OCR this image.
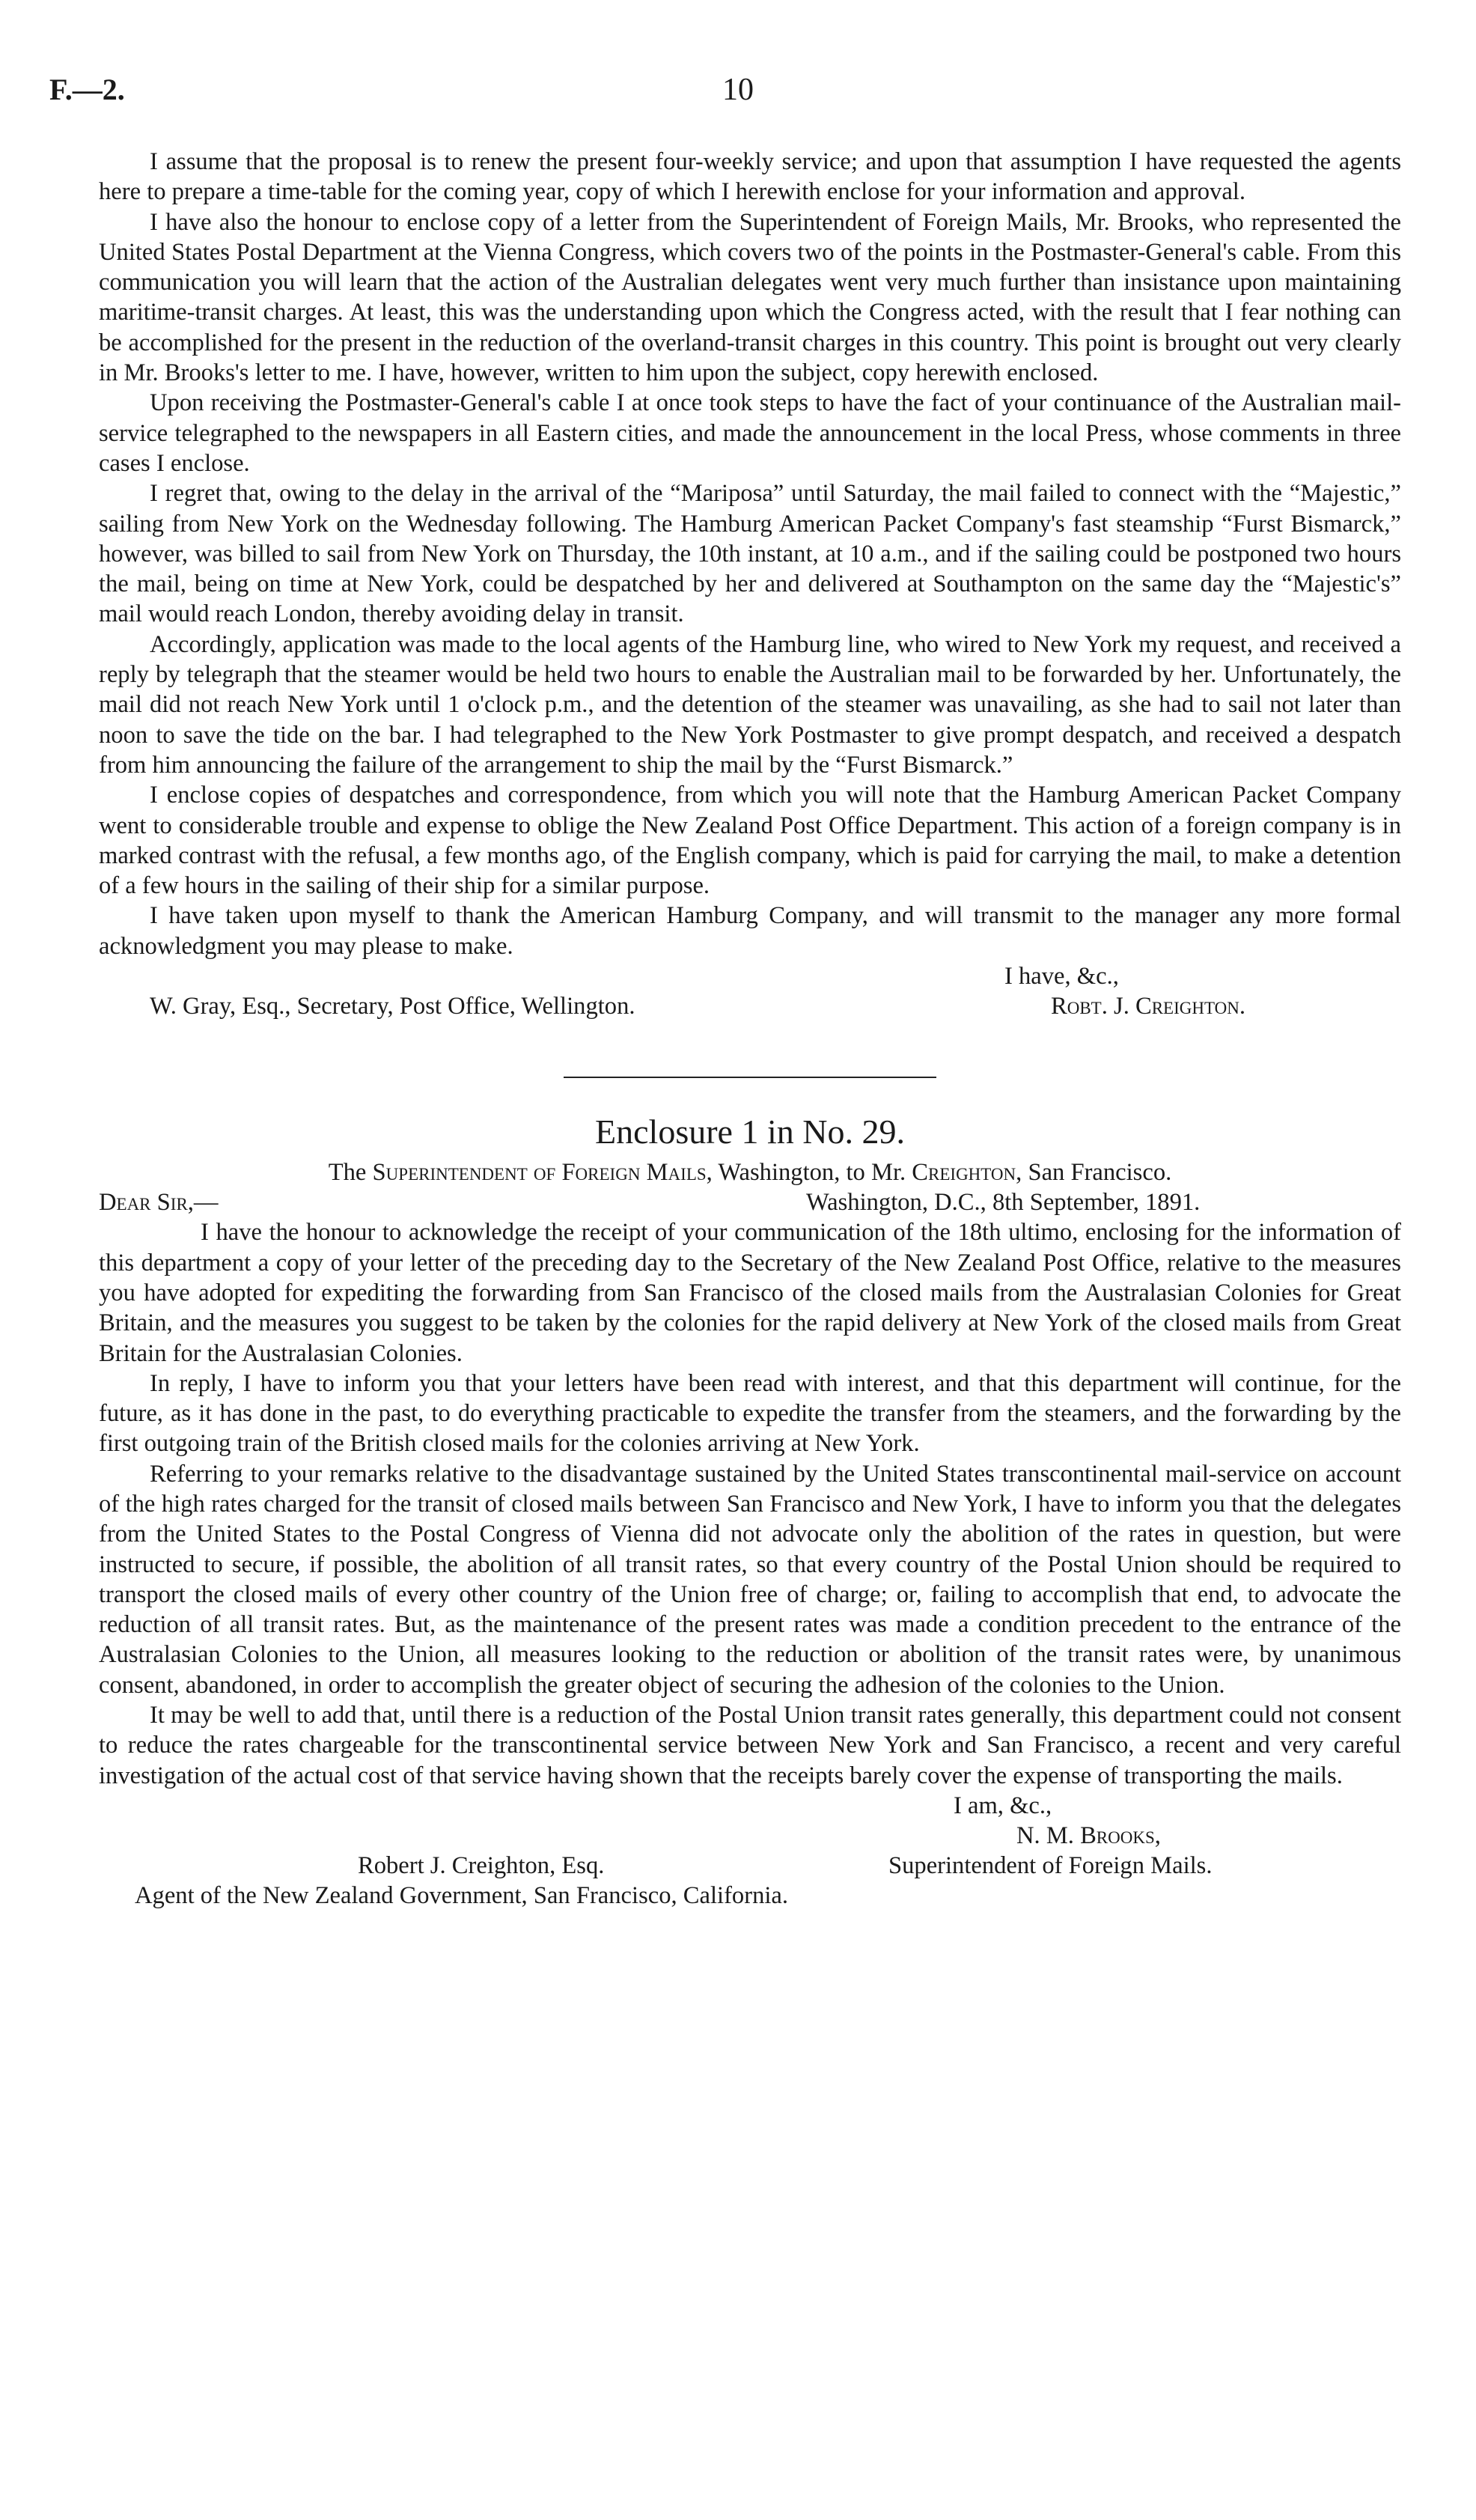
F.—2.	10

I assume that the proposal is to renew the present four-weekly service; and upon that assumption I have requested the agents here to prepare a time-table for the coming year, copy of which I herewith enclose for your information and approval.

I have also the honour to enclose copy of a letter from the Superintendent of Foreign Mails, Mr. Brooks, who represented the United States Postal Department at the Vienna Congress, which covers two of the points in the Postmaster-General's cable. From this communication you will learn that the action of the Australian delegates went very much further than insistance upon maintaining maritime-transit charges. At least, this was the understanding upon which the Congress acted, with the result that I fear nothing can be accomplished for the present in the reduction of the overland-transit charges in this country. This point is brought out very clearly in Mr. Brooks's letter to me. I have, however, written to him upon the subject, copy herewith enclosed.

Upon receiving the Postmaster-General's cable I at once took steps to have the fact of your continuance of the Australian mail-service telegraphed to the newspapers in all Eastern cities, and made the announcement in the local Press, whose comments in three cases I enclose.

I regret that, owing to the delay in the arrival of the “Mariposa” until Saturday, the mail failed to connect with the “Majestic,” sailing from New York on the Wednesday following. The Hamburg American Packet Company's fast steamship “Furst Bismarck,” however, was billed to sail from New York on Thursday, the 10th instant, at 10 a.m., and if the sailing could be postponed two hours the mail, being on time at New York, could be despatched by her and delivered at Southampton on the same day the “Majestic's” mail would reach London, thereby avoiding delay in transit.

Accordingly, application was made to the local agents of the Hamburg line, who wired to New York my request, and received a reply by telegraph that the steamer would be held two hours to enable the Australian mail to be forwarded by her. Unfortunately, the mail did not reach New York until 1 o'clock p.m., and the detention of the steamer was unavailing, as she had to sail not later than noon to save the tide on the bar. I had telegraphed to the New York Postmaster to give prompt despatch, and received a despatch from him announcing the failure of the arrangement to ship the mail by the “Furst Bismarck.”

I enclose copies of despatches and correspondence, from which you will note that the Hamburg American Packet Company went to considerable trouble and expense to oblige the New Zealand Post Office Department. This action of a foreign company is in marked contrast with the refusal, a few months ago, of the English company, which is paid for carrying the mail, to make a detention of a few hours in the sailing of their ship for a similar purpose.

I have taken upon myself to thank the American Hamburg Company, and will transmit to the manager any more formal acknowledgment you may please to make.

I have, &c.,
W. Gray, Esq., Secretary, Post Office, Wellington.	Robt. J. Creighton.
Enclosure 1 in No. 29.

The Superintendent of Foreign Mails, Washington, to Mr. Creighton, San Francisco.

Dear Sir,—	Washington, D.C., 8th September, 1891.

I have the honour to acknowledge the receipt of your communication of the 18th ultimo, enclosing for the information of this department a copy of your letter of the preceding day to the Secretary of the New Zealand Post Office, relative to the measures you have adopted for expediting the forwarding from San Francisco of the closed mails from the Australasian Colonies for Great Britain, and the measures you suggest to be taken by the colonies for the rapid delivery at New York of the closed mails from Great Britain for the Australasian Colonies.

In reply, I have to inform you that your letters have been read with interest, and that this department will continue, for the future, as it has done in the past, to do everything practicable to expedite the transfer from the steamers, and the forwarding by the first outgoing train of the British closed mails for the colonies arriving at New York.

Referring to your remarks relative to the disadvantage sustained by the United States transcontinental mail-service on account of the high rates charged for the transit of closed mails between San Francisco and New York, I have to inform you that the delegates from the United States to the Postal Congress of Vienna did not advocate only the abolition of the rates in question, but were instructed to secure, if possible, the abolition of all transit rates, so that every country of the Postal Union should be required to transport the closed mails of every other country of the Union free of charge; or, failing to accomplish that end, to advocate the reduction of all transit rates. But, as the maintenance of the present rates was made a condition precedent to the entrance of the Australasian Colonies to the Union, all measures looking to the reduction or abolition of the transit rates were, by unanimous consent, abandoned, in order to accomplish the greater object of securing the adhesion of the colonies to the Union.

It may be well to add that, until there is a reduction of the Postal Union transit rates generally, this department could not consent to reduce the rates chargeable for the transcontinental service between New York and San Francisco, a recent and very careful investigation of the actual cost of that service having shown that the receipts barely cover the expense of transporting the mails.

I am, &c.,
N. M. Brooks,
Robert J. Creighton, Esq.	Superintendent of Foreign Mails.
Agent of the New Zealand Government, San Francisco, California.
